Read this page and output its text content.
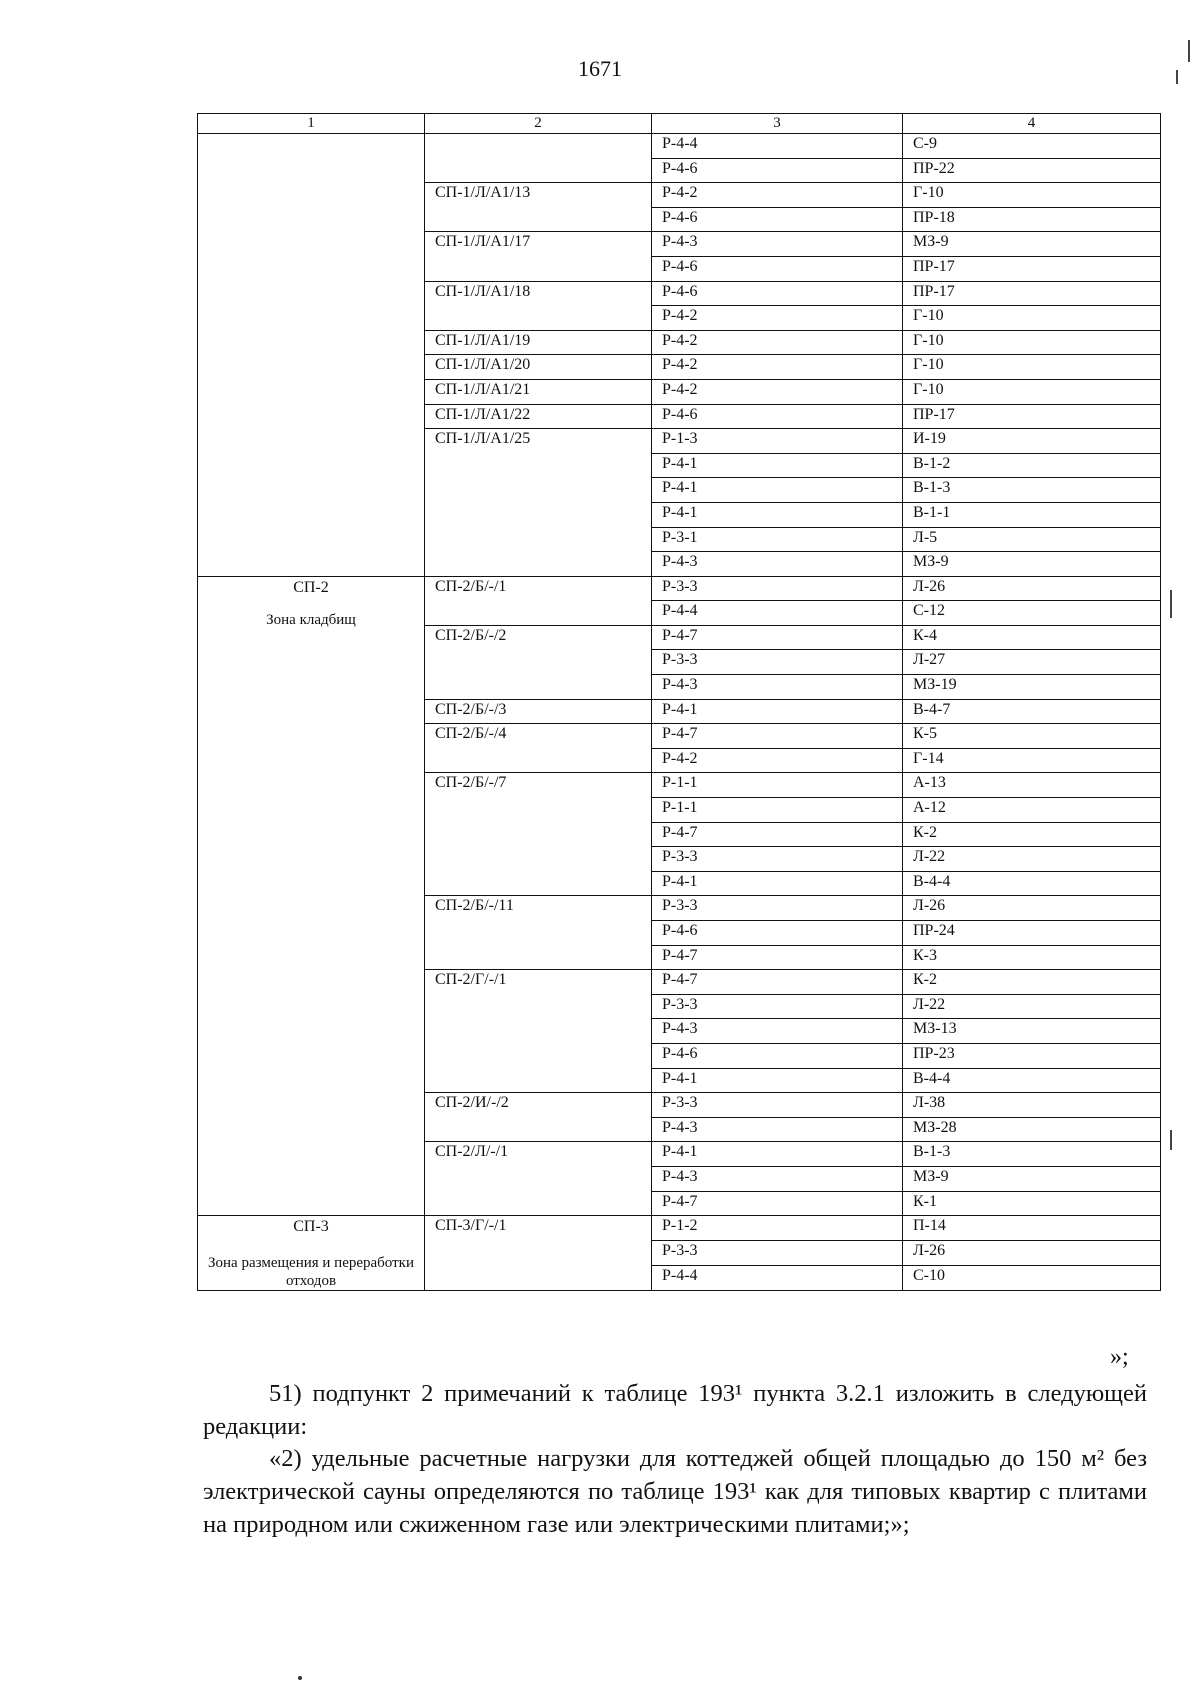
1671
1	2	3	4
		Р-4-4	С-9
		Р-4-6	ПР-22
	СП-1/Л/А1/13	Р-4-2	Г-10
		Р-4-6	ПР-18
	СП-1/Л/А1/17	Р-4-3	МЗ-9
		Р-4-6	ПР-17
	СП-1/Л/А1/18	Р-4-6	ПР-17
		Р-4-2	Г-10
	СП-1/Л/А1/19	Р-4-2	Г-10
	СП-1/Л/А1/20	Р-4-2	Г-10
	СП-1/Л/А1/21	Р-4-2	Г-10
	СП-1/Л/А1/22	Р-4-6	ПР-17
	СП-1/Л/А1/25	Р-1-3	И-19
		Р-4-1	В-1-2
		Р-4-1	В-1-3
		Р-4-1	В-1-1
		Р-3-1	Л-5
		Р-4-3	МЗ-9

СП-2
Зона кладбищ	СП-2/Б/-/1	Р-3-3	Л-26
		Р-4-4	С-12
	СП-2/Б/-/2	Р-4-7	К-4
		Р-3-3	Л-27
		Р-4-3	МЗ-19
	СП-2/Б/-/3	Р-4-1	В-4-7
	СП-2/Б/-/4	Р-4-7	К-5
		Р-4-2	Г-14
	СП-2/Б/-/7	Р-1-1	А-13
		Р-1-1	А-12
		Р-4-7	К-2
		Р-3-3	Л-22
		Р-4-1	В-4-4
	СП-2/Б/-/11	Р-3-3	Л-26
		Р-4-6	ПР-24
		Р-4-7	К-3
	СП-2/Г/-/1	Р-4-7	К-2
		Р-3-3	Л-22
		Р-4-3	МЗ-13
		Р-4-6	ПР-23
		Р-4-1	В-4-4
	СП-2/И/-/2	Р-3-3	Л-38
		Р-4-3	МЗ-28
	СП-2/Л/-/1	Р-4-1	В-1-3
		Р-4-3	МЗ-9
		Р-4-7	К-1

СП-3
Зона размещения и переработки отходов	СП-3/Г/-/1	Р-1-2	П-14
		Р-3-3	Л-26
		Р-4-4	С-10
»;

51) подпункт 2 примечаний к таблице 193¹ пункта 3.2.1 изложить в следующей редакции:

«2) удельные расчетные нагрузки для коттеджей общей площадью до 150 м² без электрической сауны определяются по таблице 193¹ как для типовых квартир с плитами на природном или сжиженном газе или электрическими плитами;»;
